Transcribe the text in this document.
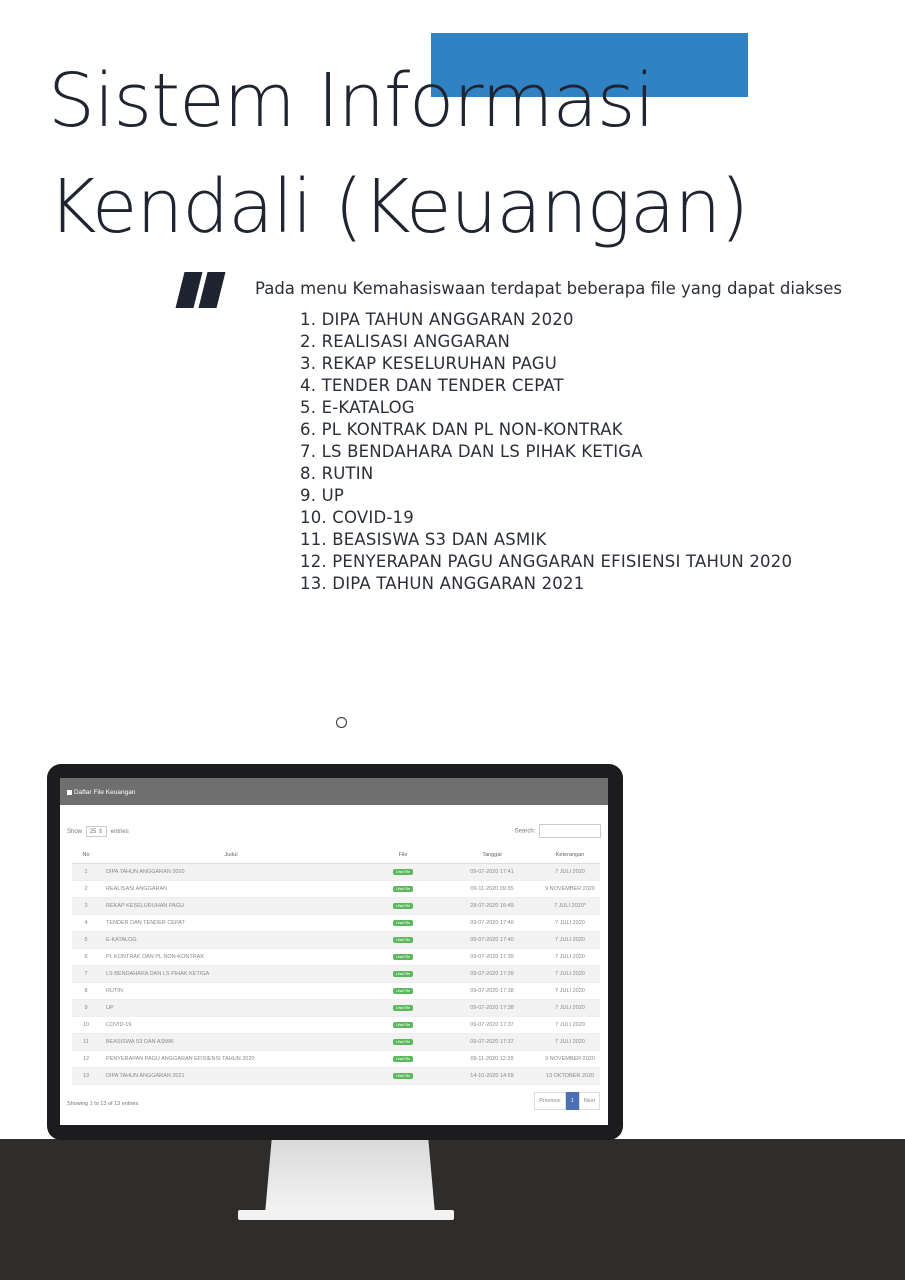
Sistem Informasi
Kendali (Keuangan)

Pada menu Kemahasiswaan terdapat beberapa file yang dapat diakses

1. DIPA TAHUN ANGGARAN 2020
2. REALISASI ANGGARAN
3. REKAP KESELURUHAN PAGU
4. TENDER DAN TENDER CEPAT
5. E-KATALOG
6. PL KONTRAK DAN PL NON-KONTRAK
7. LS BENDAHARA DAN LS PIHAK KETIGA
8. RUTIN
9. UP
10. COVID-19
11. BEASISWA S3 DAN ASMIK
12. PENYERAPAN PAGU ANGGARAN EFISIENSI TAHUN 2020
13. DIPA TAHUN ANGGARAN 2021
Daftar File Keuangan
Show 25 ⇕ entries	Search:
No	Judul	File	Tanggal	Keterangan
1	DIPA TAHUN ANGGARAN 2020	Lihat File	09-07-2020 17:41	7 JULI 2020
2	REALISASI ANGGARAN	Lihat File	09-11-2020 09:35	9 NOVEMBER 2020
3	REKAP KESELURUHAN PAGU	Lihat File	28-07-2020 16:49	7 JULI 2020*
4	TENDER DAN TENDER CEPAT	Lihat File	09-07-2020 17:40	7 JULI 2020
5	E-KATALOG	Lihat File	09-07-2020 17:40	7 JULI 2020
6	PL KONTRAK DAN PL NON-KONTRAK	Lihat File	09-07-2020 17:39	7 JULI 2020
7	LS BENDAHARA DAN LS PIHAK KETIGA	Lihat File	09-07-2020 17:39	7 JULI 2020
8	RUTIN	Lihat File	09-07-2020 17:38	7 JULI 2020
9	UP	Lihat File	09-07-2020 17:38	7 JULI 2020
10	COVID-19	Lihat File	09-07-2020 17:37	7 JULI 2020
11	BEASISWA S3 DAN ASMIK	Lihat File	09-07-2020 17:37	7 JULI 2020
12	PENYERAPAN PAGU ANGGARAN EFISIENSI TAHUN 2020	Lihat File	09-11-2020 12:28	9 NOVEMBER 2020
13	DIPA TAHUN ANGGARAN 2021	Lihat File	14-10-2020 14:59	13 OKTOBER 2020
Showing 1 to 13 of 13 entries	Previous	1	Next
